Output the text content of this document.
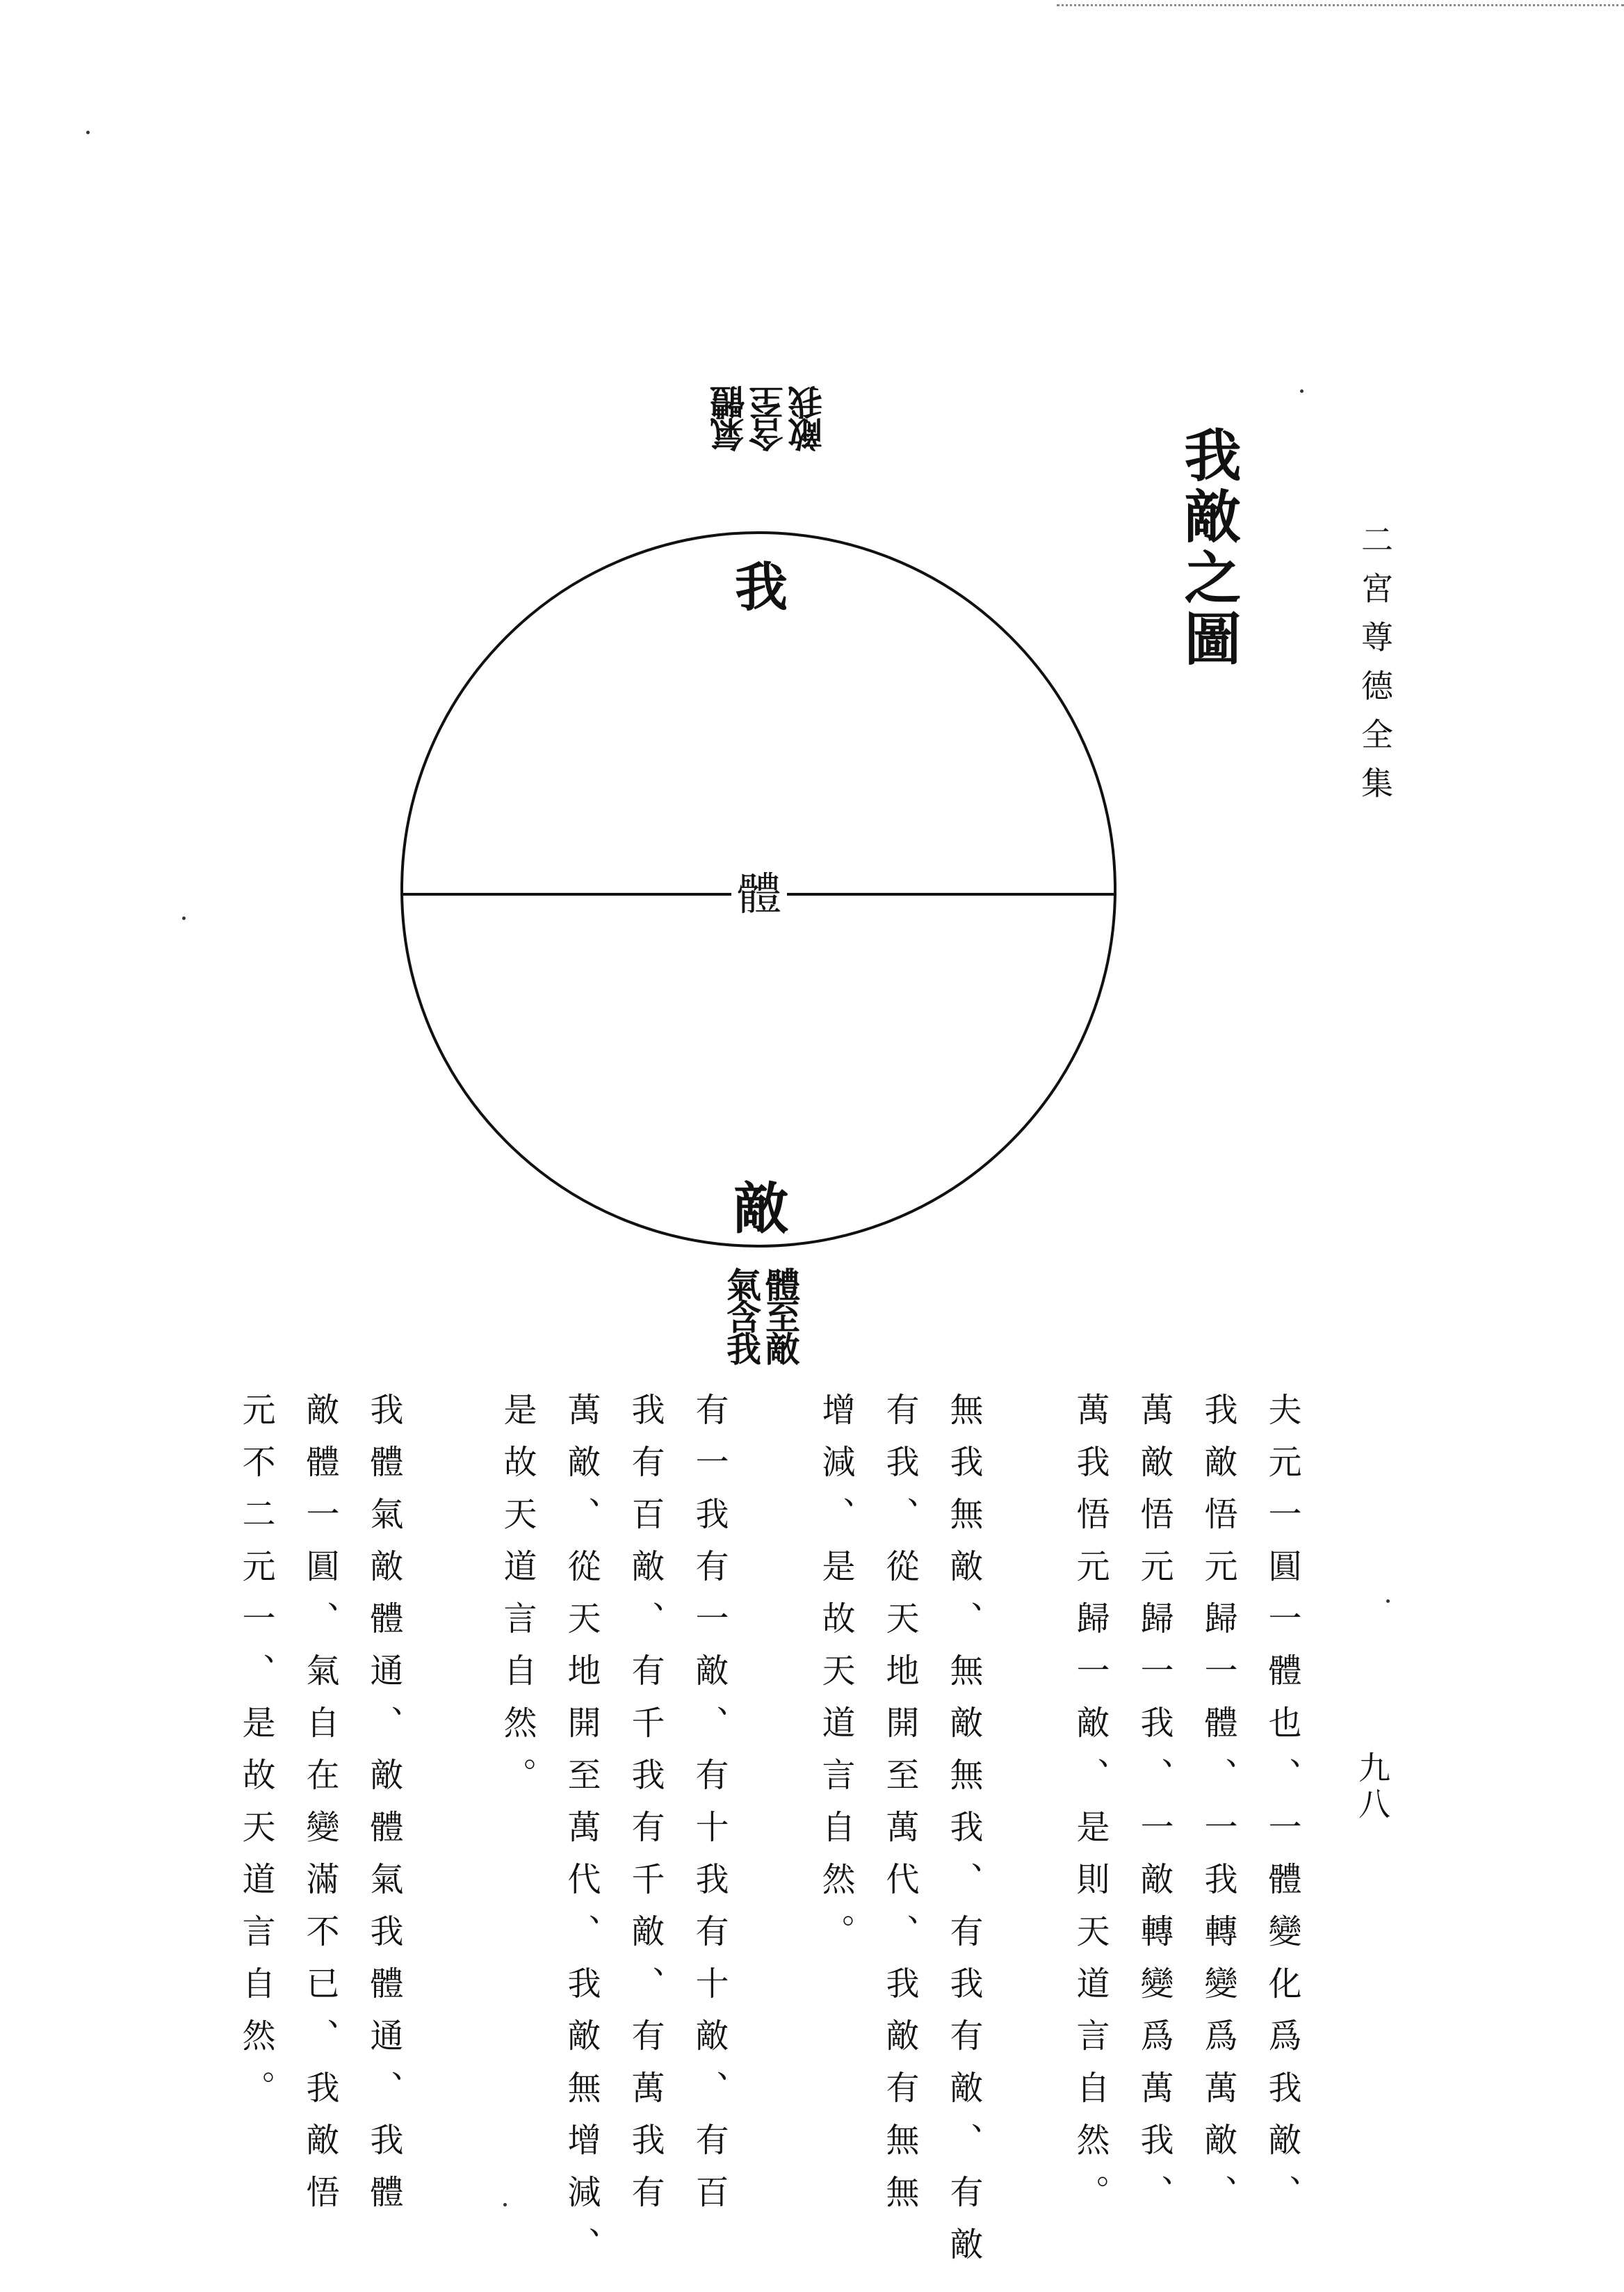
二宮尊德全集
九八
我敵之圖
敵我含至氣體
我
體
敵
氣含我體至敵
夫元一圓一體也、一體變化爲我敵、
我敵悟元歸一體、一我轉變爲萬敵、
萬敵悟元歸一我、一敵轉變爲萬我、
萬我悟元歸一敵、是則天道言自然。
無我無敵、無敵無我、有我有敵、有敵
有我、從天地開至萬代、我敵有無無
增減、是故天道言自然。
有一我有一敵、有十我有十敵、有百
我有百敵、有千我有千敵、有萬我有
萬敵、從天地開至萬代、我敵無增減、
是故天道言自然。
我體氣敵體通、敵體氣我體通、我體
敵體一圓、氣自在變滿不已、我敵悟
元不二元一、是故天道言自然。
